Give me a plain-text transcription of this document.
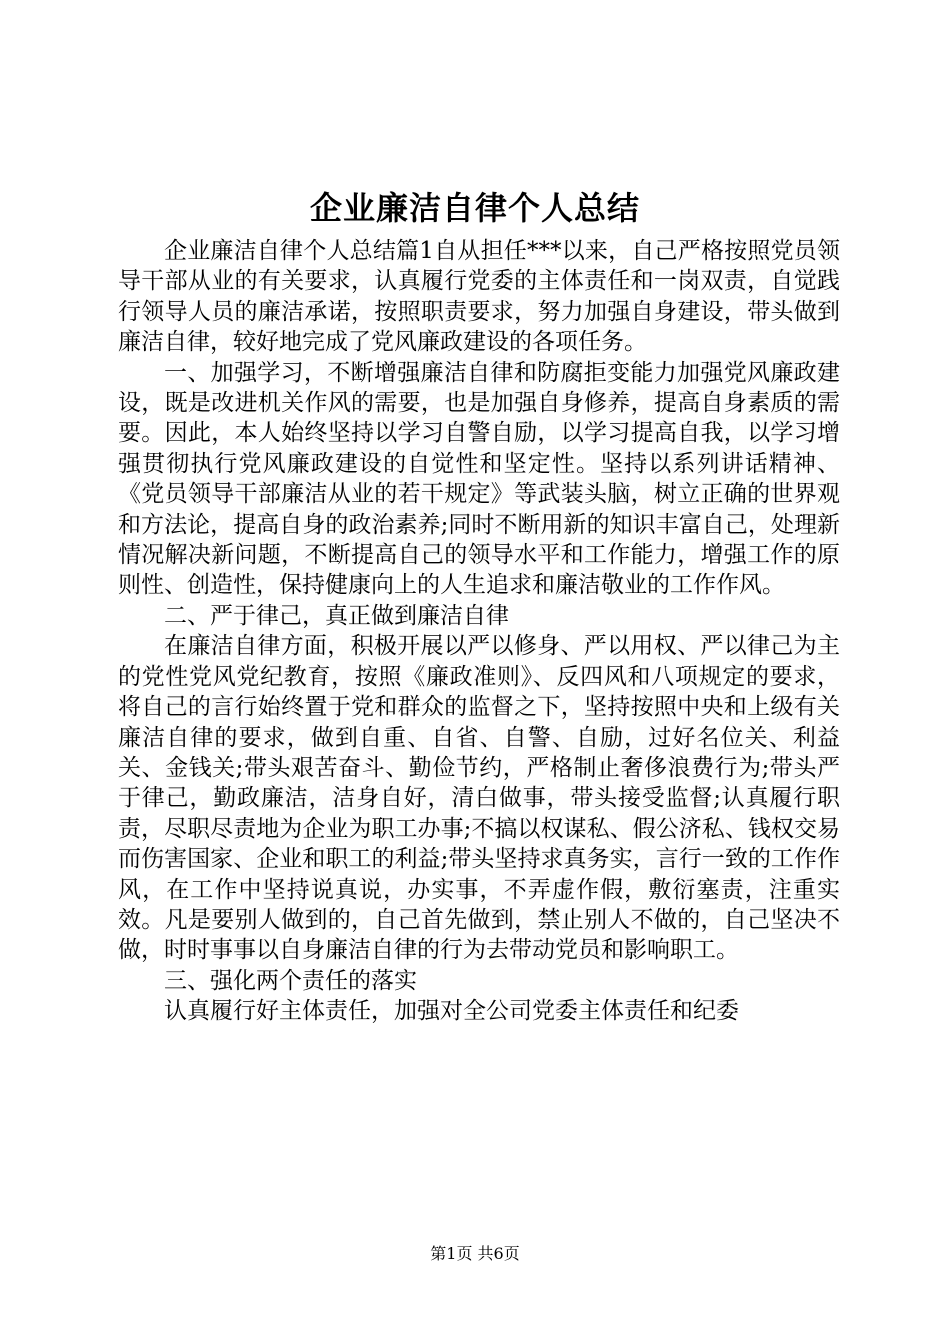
企业廉洁自律个人总结

企业廉洁自律个人总结篇1自从担任***以来，自己严格按照党员领导干部从业的有关要求，认真履行党委的主体责任和一岗双责，自觉践行领导人员的廉洁承诺，按照职责要求，努力加强自身建设，带头做到廉洁自律，较好地完成了党风廉政建设的各项任务。

一、加强学习，不断增强廉洁自律和防腐拒变能力加强党风廉政建设，既是改进机关作风的需要，也是加强自身修养，提高自身素质的需要。因此，本人始终坚持以学习自警自励，以学习提高自我，以学习增强贯彻执行党风廉政建设的自觉性和坚定性。坚持以系列讲话精神、《党员领导干部廉洁从业的若干规定》等武装头脑，树立正确的世界观和方法论，提高自身的政治素养;同时不断用新的知识丰富自己，处理新情况解决新问题，不断提高自己的领导水平和工作能力，增强工作的原则性、创造性，保持健康向上的人生追求和廉洁敬业的工作作风。

二、严于律己，真正做到廉洁自律

在廉洁自律方面，积极开展以严以修身、严以用权、严以律己为主的党性党风党纪教育，按照《廉政准则》、反四风和八项规定的要求，将自己的言行始终置于党和群众的监督之下，坚持按照中央和上级有关廉洁自律的要求，做到自重、自省、自警、自励，过好名位关、利益关、金钱关;带头艰苦奋斗、勤俭节约，严格制止奢侈浪费行为;带头严于律己，勤政廉洁，洁身自好，清白做事，带头接受监督;认真履行职责，尽职尽责地为企业为职工办事;不搞以权谋私、假公济私、钱权交易而伤害国家、企业和职工的利益;带头坚持求真务实，言行一致的工作作风，在工作中坚持说真说，办实事，不弄虚作假，敷衍塞责，注重实效。凡是要别人做到的，自己首先做到，禁止别人不做的，自己坚决不做，时时事事以自身廉洁自律的行为去带动党员和影响职工。

三、强化两个责任的落实

认真履行好主体责任，加强对全公司党委主体责任和纪委

第1页 共6页
